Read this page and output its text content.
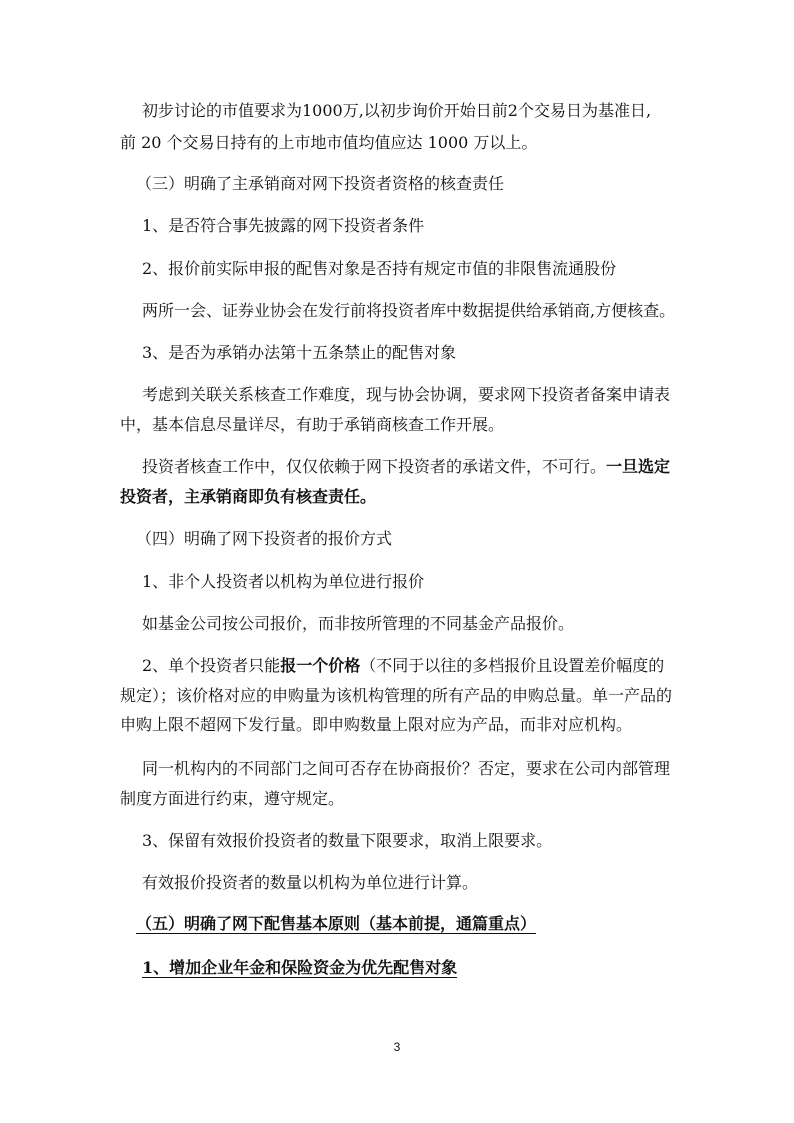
初步讨论的市值要求为1000万,以初步询价开始日前2个交易日为基准日,
前 20 个交易日持有的上市地市值均值应达 1000 万以上。
（三）明确了主承销商对网下投资者资格的核查责任
1、是否符合事先披露的网下投资者条件
2、报价前实际申报的配售对象是否持有规定市值的非限售流通股份
两所一会、证券业协会在发行前将投资者库中数据提供给承销商,方便核查。
3、是否为承销办法第十五条禁止的配售对象
考虑到关联关系核查工作难度，现与协会协调，要求网下投资者备案申请表
中，基本信息尽量详尽，有助于承销商核查工作开展。
投资者核查工作中，仅仅依赖于网下投资者的承诺文件，不可行。一旦选定
投资者，主承销商即负有核查责任。
（四）明确了网下投资者的报价方式
1、非个人投资者以机构为单位进行报价
如基金公司按公司报价，而非按所管理的不同基金产品报价。
2、单个投资者只能报一个价格（不同于以往的多档报价且设置差价幅度的
规定）；该价格对应的申购量为该机构管理的所有产品的申购总量。单一产品的
申购上限不超网下发行量。即申购数量上限对应为产品，而非对应机构。
同一机构内的不同部门之间可否存在协商报价？否定，要求在公司内部管理
制度方面进行约束，遵守规定。
3、保留有效报价投资者的数量下限要求，取消上限要求。
有效报价投资者的数量以机构为单位进行计算。
（五）明确了网下配售基本原则（基本前提，通篇重点）
1、增加企业年金和保险资金为优先配售对象
3
